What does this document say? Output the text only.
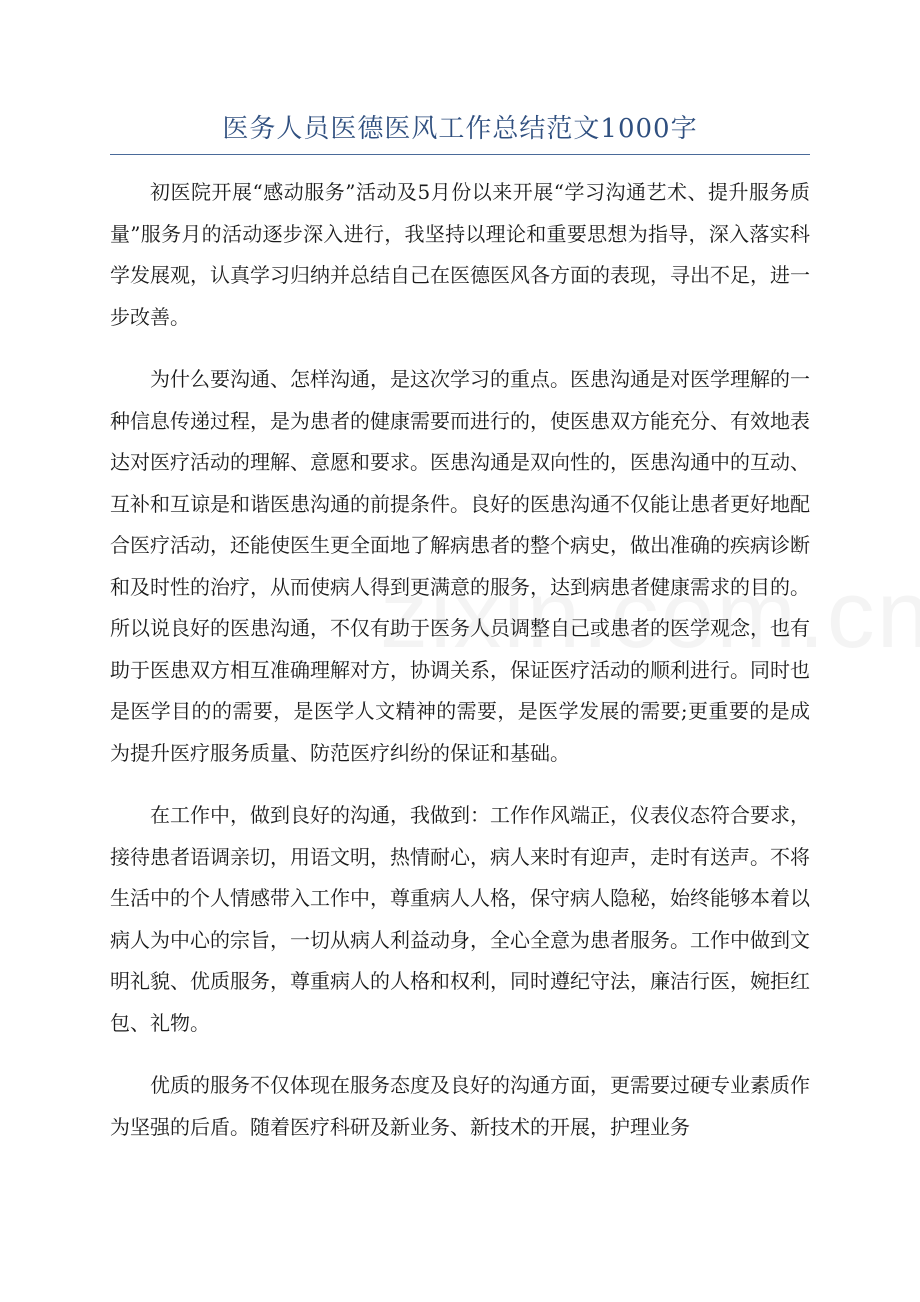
医务人员医德医风工作总结范文1000字

初医院开展“感动服务”活动及5月份以来开展“学习沟通艺术、提升服务质量”服务月的活动逐步深入进行，我坚持以理论和重要思想为指导，深入落实科学发展观，认真学习归纳并总结自己在医德医风各方面的表现，寻出不足，进一步改善。

为什么要沟通、怎样沟通，是这次学习的重点。医患沟通是对医学理解的一种信息传递过程，是为患者的健康需要而进行的，使医患双方能充分、有效地表达对医疗活动的理解、意愿和要求。医患沟通是双向性的，医患沟通中的互动、互补和互谅是和谐医患沟通的前提条件。良好的医患沟通不仅能让患者更好地配合医疗活动，还能使医生更全面地了解病患者的整个病史，做出准确的疾病诊断和及时性的治疗，从而使病人得到更满意的服务，达到病患者健康需求的目的。所以说良好的医患沟通，不仅有助于医务人员调整自己或患者的医学观念，也有助于医患双方相互准确理解对方，协调关系，保证医疗活动的顺利进行。同时也是医学目的的需要，是医学人文精神的需要，是医学发展的需要;更重要的是成为提升医疗服务质量、防范医疗纠纷的保证和基础。

在工作中，做到良好的沟通，我做到：工作作风端正，仪表仪态符合要求，接待患者语调亲切，用语文明，热情耐心，病人来时有迎声，走时有送声。不将生活中的个人情感带入工作中，尊重病人人格，保守病人隐秘，始终能够本着以病人为中心的宗旨，一切从病人利益动身，全心全意为患者服务。工作中做到文明礼貌、优质服务，尊重病人的人格和权利，同时遵纪守法，廉洁行医，婉拒红包、礼物。

优质的服务不仅体现在服务态度及良好的沟通方面，更需要过硬专业素质作为坚强的后盾。随着医疗科研及新业务、新技术的开展，护理业务
